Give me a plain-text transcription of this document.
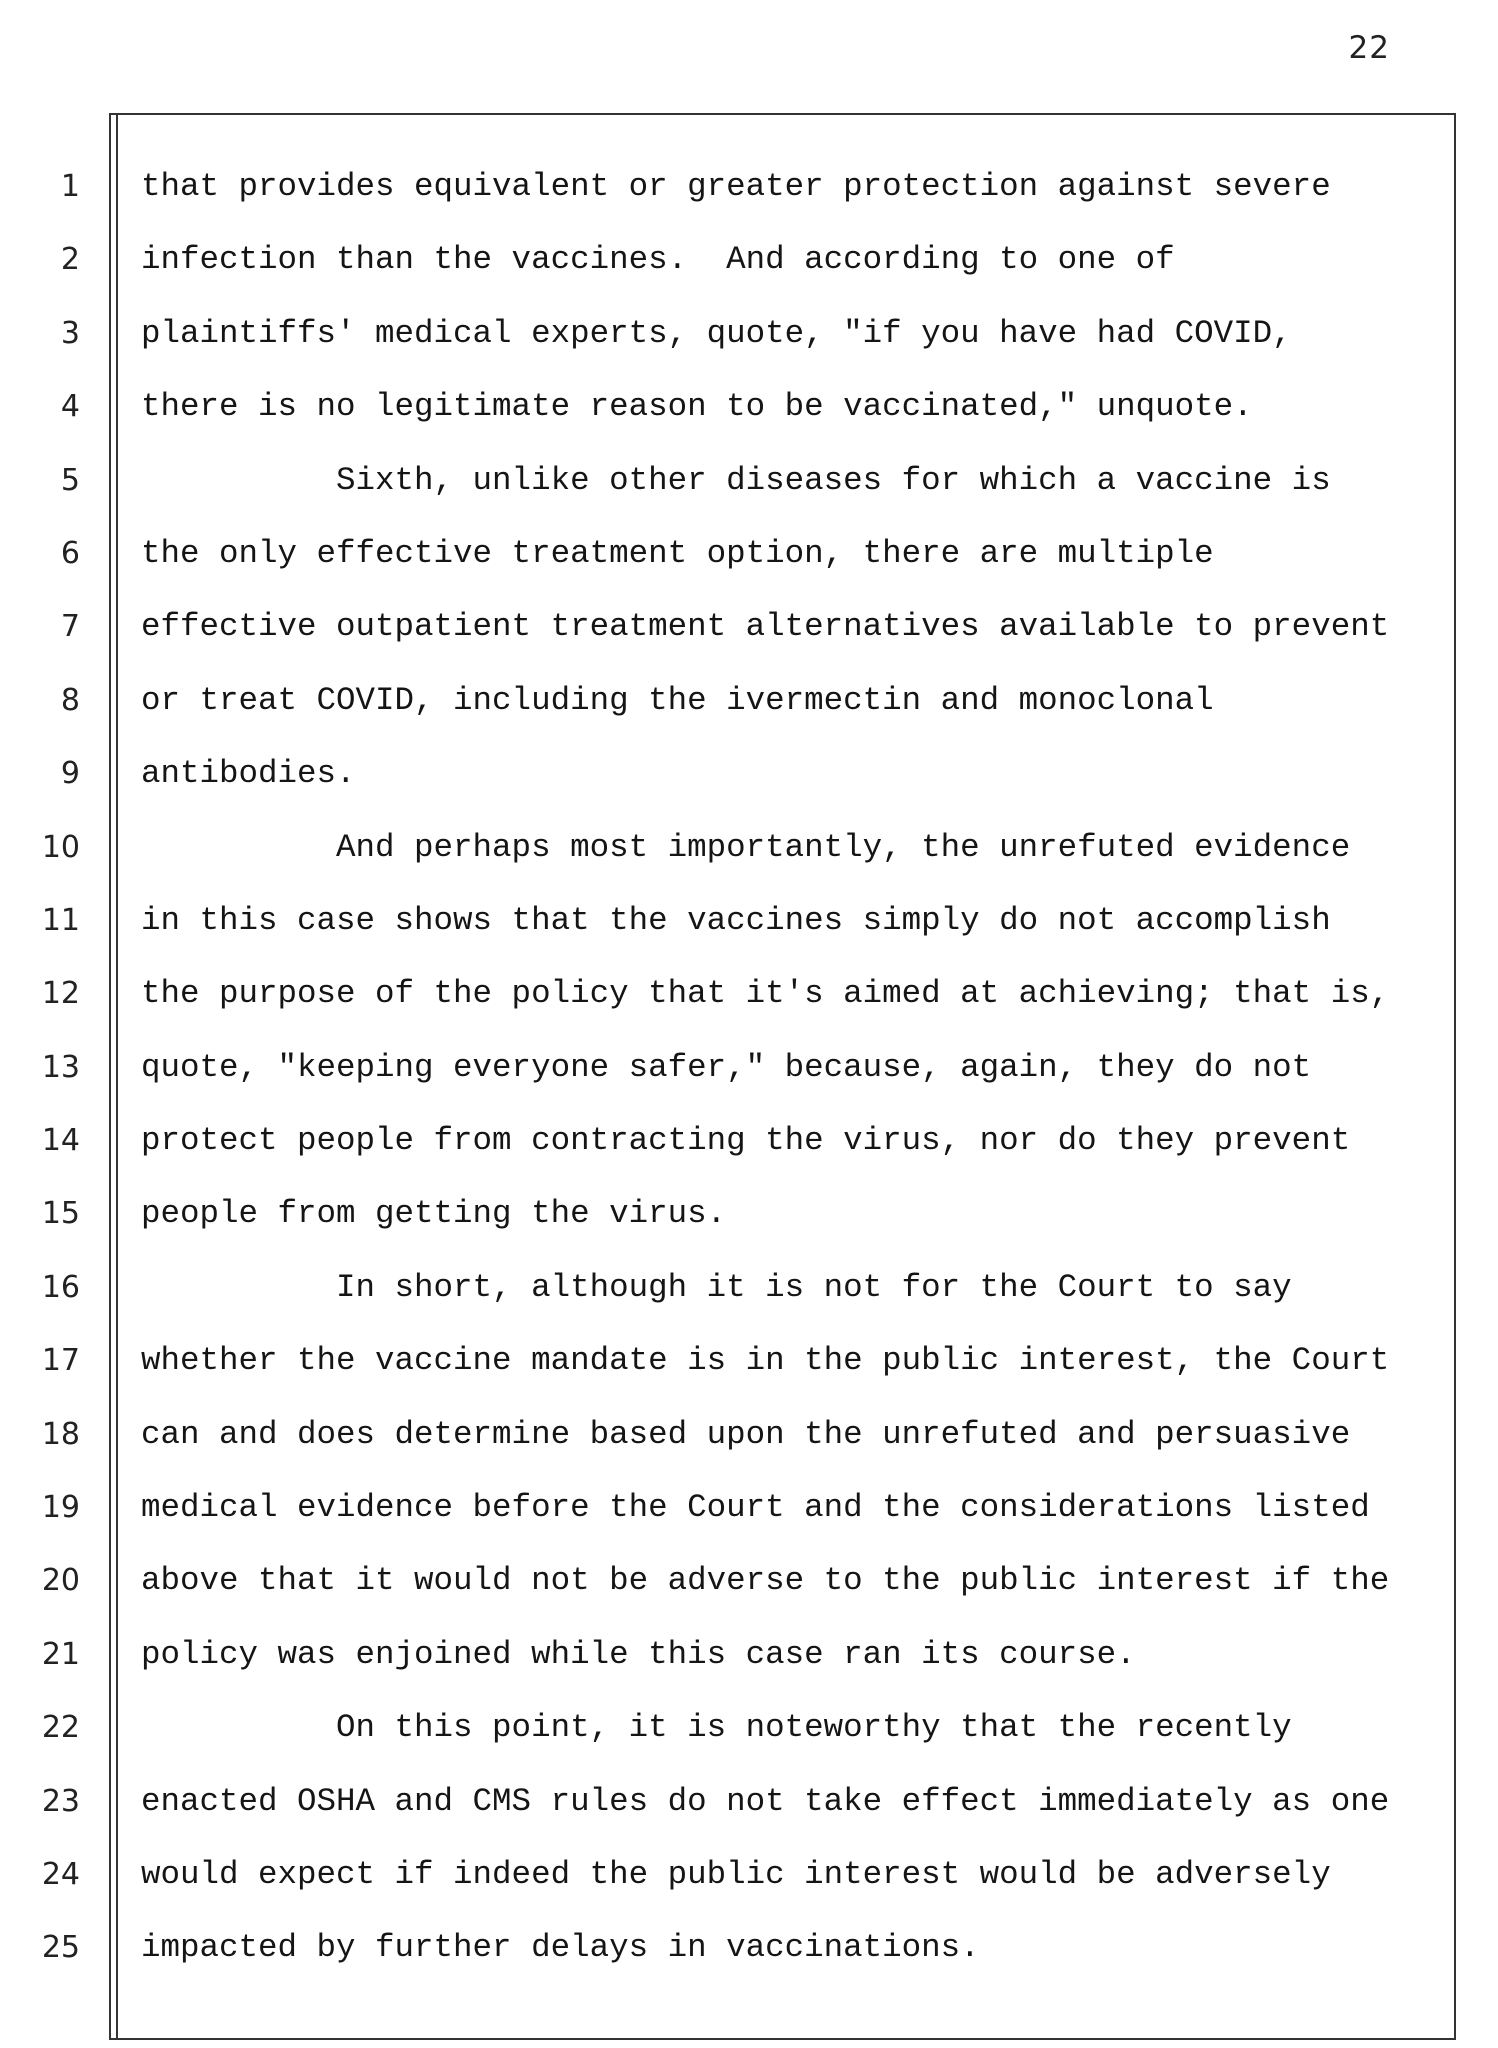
22
1
2
3
4
5
6
7
8
9
10
11
12
13
14
15
16
17
18
19
20
21
22
23
24
25
that provides equivalent or greater protection against severe
infection than the vaccines.  And according to one of
plaintiffs' medical experts, quote, "if you have had COVID,
there is no legitimate reason to be vaccinated," unquote.
Sixth, unlike other diseases for which a vaccine is
the only effective treatment option, there are multiple
effective outpatient treatment alternatives available to prevent
or treat COVID, including the ivermectin and monoclonal
antibodies.
And perhaps most importantly, the unrefuted evidence
in this case shows that the vaccines simply do not accomplish
the purpose of the policy that it's aimed at achieving; that is,
quote, "keeping everyone safer," because, again, they do not
protect people from contracting the virus, nor do they prevent
people from getting the virus.
In short, although it is not for the Court to say
whether the vaccine mandate is in the public interest, the Court
can and does determine based upon the unrefuted and persuasive
medical evidence before the Court and the considerations listed
above that it would not be adverse to the public interest if the
policy was enjoined while this case ran its course.
On this point, it is noteworthy that the recently
enacted OSHA and CMS rules do not take effect immediately as one
would expect if indeed the public interest would be adversely
impacted by further delays in vaccinations.
